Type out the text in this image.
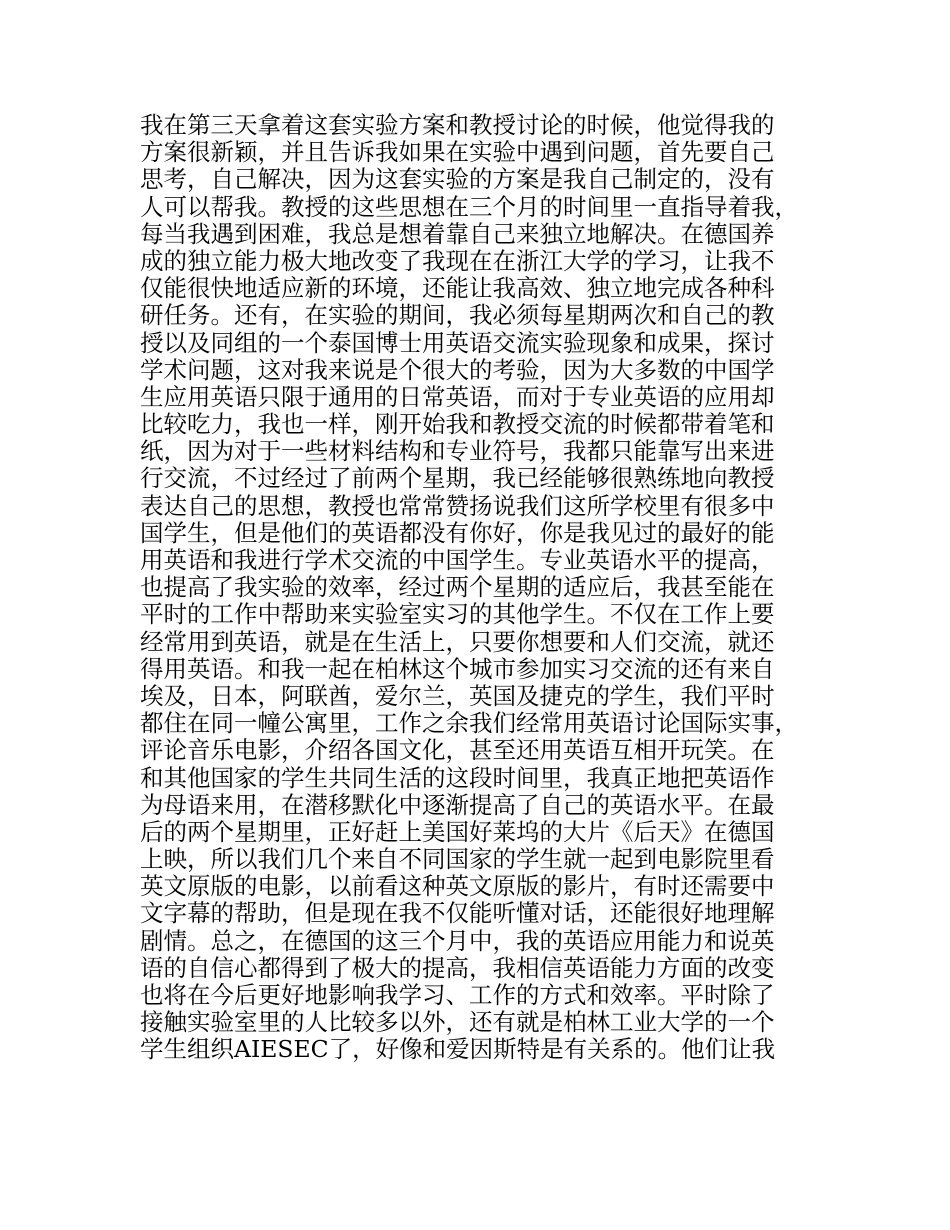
我在第三天拿着这套实验方案和教授讨论的时候，他觉得我的
方案很新颖，并且告诉我如果在实验中遇到问题，首先要自己
思考，自己解决，因为这套实验的方案是我自己制定的，没有
人可以帮我。教授的这些思想在三个月的时间里一直指导着我，
每当我遇到困难，我总是想着靠自己来独立地解决。在德国养
成的独立能力极大地改变了我现在在浙江大学的学习，让我不
仅能很快地适应新的环境，还能让我高效、独立地完成各种科
研任务。还有，在实验的期间，我必须每星期两次和自己的教
授以及同组的一个泰国博士用英语交流实验现象和成果，探讨
学术问题，这对我来说是个很大的考验，因为大多数的中国学
生应用英语只限于通用的日常英语，而对于专业英语的应用却
比较吃力，我也一样，刚开始我和教授交流的时候都带着笔和
纸，因为对于一些材料结构和专业符号，我都只能靠写出来进
行交流，不过经过了前两个星期，我已经能够很熟练地向教授
表达自己的思想，教授也常常赞扬说我们这所学校里有很多中
国学生，但是他们的英语都没有你好，你是我见过的最好的能
用英语和我进行学术交流的中国学生。专业英语水平的提高，
也提高了我实验的效率，经过两个星期的适应后，我甚至能在
平时的工作中帮助来实验室实习的其他学生。不仅在工作上要
经常用到英语，就是在生活上，只要你想要和人们交流，就还
得用英语。和我一起在柏林这个城市参加实习交流的还有来自
埃及，日本，阿联酋，爱尔兰，英国及捷克的学生，我们平时
都住在同一幢公寓里，工作之余我们经常用英语讨论国际实事，
评论音乐电影，介绍各国文化，甚至还用英语互相开玩笑。在
和其他国家的学生共同生活的这段时间里，我真正地把英语作
为母语来用，在潜移默化中逐渐提高了自己的英语水平。在最
后的两个星期里，正好赶上美国好莱坞的大片《后天》在德国
上映，所以我们几个来自不同国家的学生就一起到电影院里看
英文原版的电影，以前看这种英文原版的影片，有时还需要中
文字幕的帮助，但是现在我不仅能听懂对话，还能很好地理解
剧情。总之，在德国的这三个月中，我的英语应用能力和说英
语的自信心都得到了极大的提高，我相信英语能力方面的改变
也将在今后更好地影响我学习、工作的方式和效率。平时除了
接触实验室里的人比较多以外，还有就是柏林工业大学的一个
学生组织AIESEC了，好像和爱因斯特是有关系的。他们让我
